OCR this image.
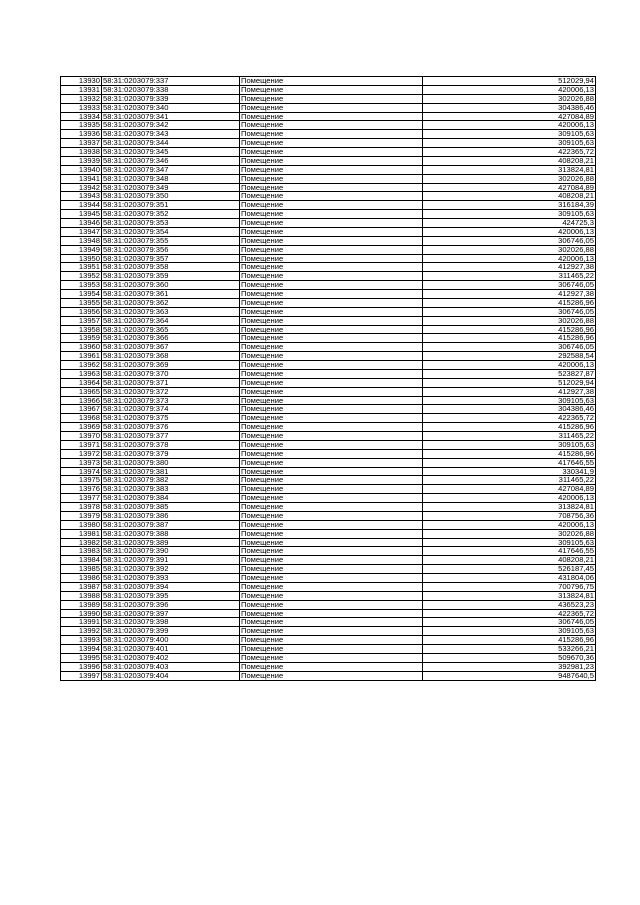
13930	58:31:0203079:337	Помещение	512029,94
13931	58:31:0203079:338	Помещение	420006,13
13932	58:31:0203079:339	Помещение	302026,88
13933	58:31:0203079:340	Помещение	304386,46
13934	58:31:0203079:341	Помещение	427084,89
13935	58:31:0203079:342	Помещение	420006,13
13936	58:31:0203079:343	Помещение	309105,63
13937	58:31:0203079:344	Помещение	309105,63
13938	58:31:0203079:345	Помещение	422365,72
13939	58:31:0203079:346	Помещение	408208,21
13940	58:31:0203079:347	Помещение	313824,81
13941	58:31:0203079:348	Помещение	302026,88
13942	58:31:0203079:349	Помещение	427084,89
13943	58:31:0203079:350	Помещение	408208,21
13944	58:31:0203079:351	Помещение	316184,39
13945	58:31:0203079:352	Помещение	309105,63
13946	58:31:0203079:353	Помещение	424725,3
13947	58:31:0203079:354	Помещение	420006,13
13948	58:31:0203079:355	Помещение	306746,05
13949	58:31:0203079:356	Помещение	302026,88
13950	58:31:0203079:357	Помещение	420006,13
13951	58:31:0203079:358	Помещение	412927,38
13952	58:31:0203079:359	Помещение	311465,22
13953	58:31:0203079:360	Помещение	306746,05
13954	58:31:0203079:361	Помещение	412927,38
13955	58:31:0203079:362	Помещение	415286,96
13956	58:31:0203079:363	Помещение	306746,05
13957	58:31:0203079:364	Помещение	302026,88
13958	58:31:0203079:365	Помещение	415286,96
13959	58:31:0203079:366	Помещение	415286,96
13960	58:31:0203079:367	Помещение	306746,05
13961	58:31:0203079:368	Помещение	292588,54
13962	58:31:0203079:369	Помещение	420006,13
13963	58:31:0203079:370	Помещение	523827,87
13964	58:31:0203079:371	Помещение	512029,94
13965	58:31:0203079:372	Помещение	412927,38
13966	58:31:0203079:373	Помещение	309105,63
13967	58:31:0203079:374	Помещение	304386,46
13968	58:31:0203079:375	Помещение	422365,72
13969	58:31:0203079:376	Помещение	415286,96
13970	58:31:0203079:377	Помещение	311465,22
13971	58:31:0203079:378	Помещение	309105,63
13972	58:31:0203079:379	Помещение	415286,96
13973	58:31:0203079:380	Помещение	417646,55
13974	58:31:0203079:381	Помещение	330341,9
13975	58:31:0203079:382	Помещение	311465,22
13976	58:31:0203079:383	Помещение	427084,89
13977	58:31:0203079:384	Помещение	420006,13
13978	58:31:0203079:385	Помещение	313824,81
13979	58:31:0203079:386	Помещение	708756,36
13980	58:31:0203079:387	Помещение	420006,13
13981	58:31:0203079:388	Помещение	302026,88
13982	58:31:0203079:389	Помещение	309105,63
13983	58:31:0203079:390	Помещение	417646,55
13984	58:31:0203079:391	Помещение	408208,21
13985	58:31:0203079:392	Помещение	526187,45
13986	58:31:0203079:393	Помещение	431804,06
13987	58:31:0203079:394	Помещение	700796,75
13988	58:31:0203079:395	Помещение	313824,81
13989	58:31:0203079:396	Помещение	436523,23
13990	58:31:0203079:397	Помещение	422365,72
13991	58:31:0203079:398	Помещение	306746,05
13992	58:31:0203079:399	Помещение	309105,63
13993	58:31:0203079:400	Помещение	415286,96
13994	58:31:0203079:401	Помещение	533266,21
13995	58:31:0203079:402	Помещение	509670,36
13996	58:31:0203079:403	Помещение	392981,23
13997	58:31:0203079:404	Помещение	9487640,5
